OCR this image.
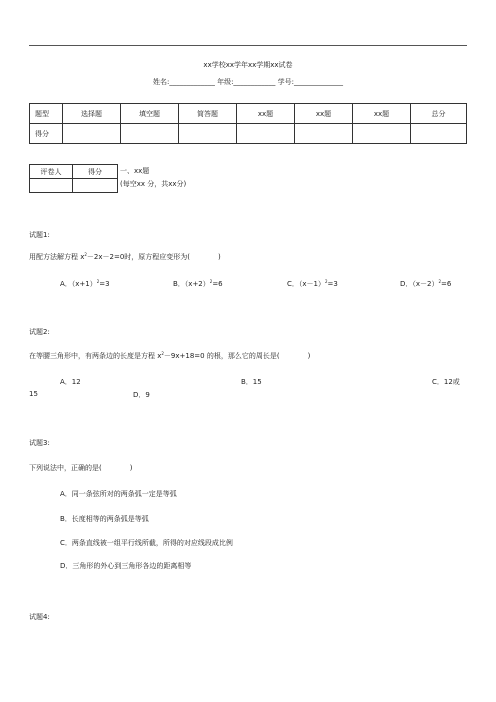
xx学校xx学年xx学期xx试卷
姓名:_____________ 年级:____________ 学号:______________
题型	选择题	填空题	简答题	xx题	xx题	xx题	总分
得分							
评卷人	得分
		一、xx题
(每空xx 分，共xx分)
试题1:
用配方法解方程 $x^2-2x-2=0$时，原方程应变形为(　　　　)
A．$(x+1)^2=3$	B．$(x+2)^2=6$	C．$(x-1)^2=3$	D．$(x-2)^2=6$
试题2:
在等腰三角形中，有两条边的长度是方程 $x^2-9x+18=0$ 的根，那么它的周长是(　　　　)
A．12	B．15	C．12或
15	D．9
试题3:
下列说法中，正确的是(　　　　)
A．同一条弦所对的两条弧一定是等弧
B．长度相等的两条弧是等弧
C．两条直线被一组平行线所截，所得的对应线段成比例
D．三角形的外心到三角形各边的距离相等
试题4:
